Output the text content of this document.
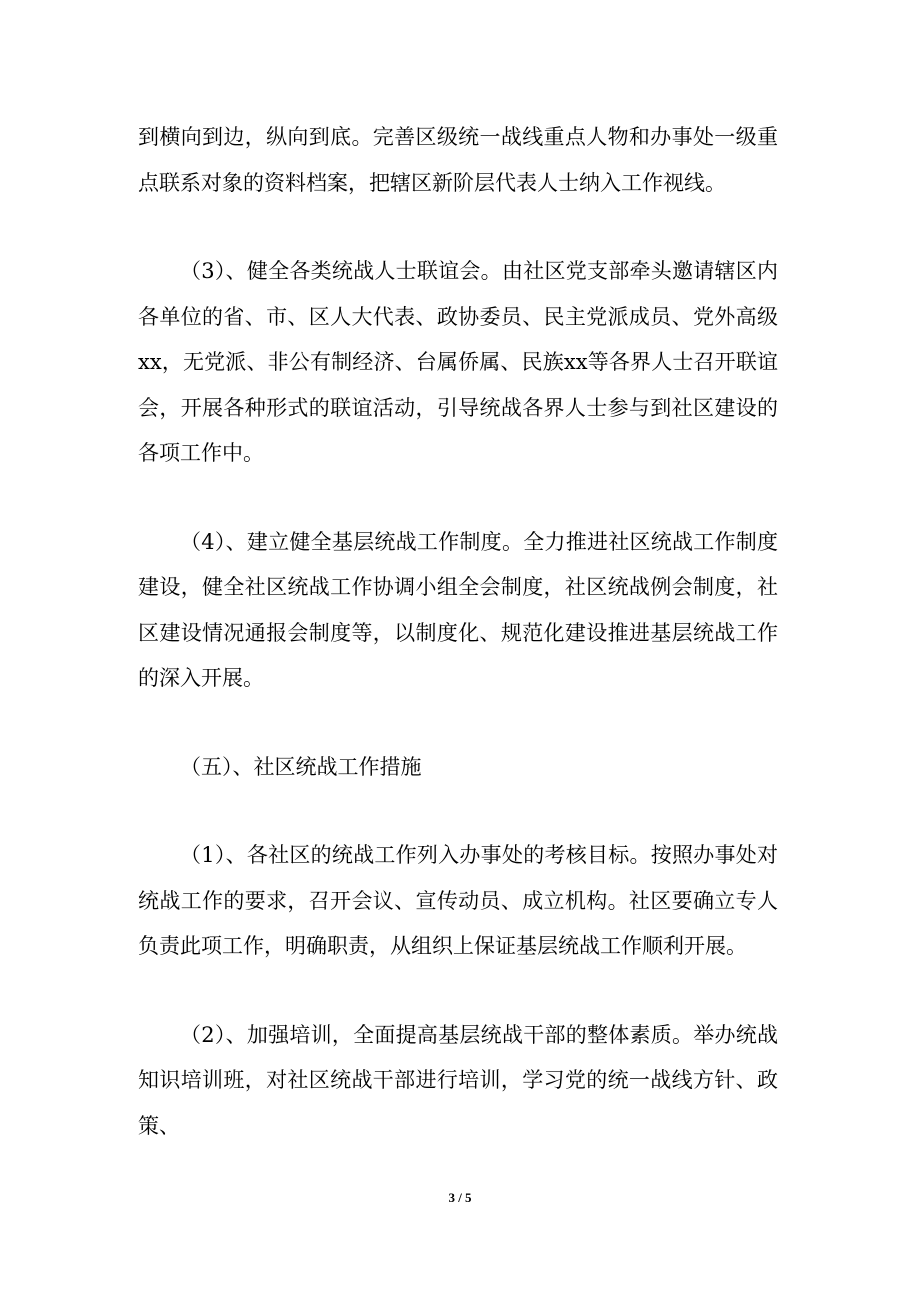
到横向到边，纵向到底。完善区级统一战线重点人物和办事处一级重点联系对象的资料档案，把辖区新阶层代表人士纳入工作视线。

（3）、健全各类统战人士联谊会。由社区党支部牵头邀请辖区内各单位的省、市、区人大代表、政协委员、民主党派成员、党外高级xx，无党派、非公有制经济、台属侨属、民族xx等各界人士召开联谊会，开展各种形式的联谊活动，引导统战各界人士参与到社区建设的各项工作中。

（4）、建立健全基层统战工作制度。全力推进社区统战工作制度建设，健全社区统战工作协调小组全会制度，社区统战例会制度，社区建设情况通报会制度等，以制度化、规范化建设推进基层统战工作的深入开展。

（五）、社区统战工作措施

（1）、各社区的统战工作列入办事处的考核目标。按照办事处对统战工作的要求，召开会议、宣传动员、成立机构。社区要确立专人负责此项工作，明确职责，从组织上保证基层统战工作顺利开展。

（2）、加强培训，全面提高基层统战干部的整体素质。举办统战知识培训班，对社区统战干部进行培训，学习党的统一战线方针、政策、

3 / 5
